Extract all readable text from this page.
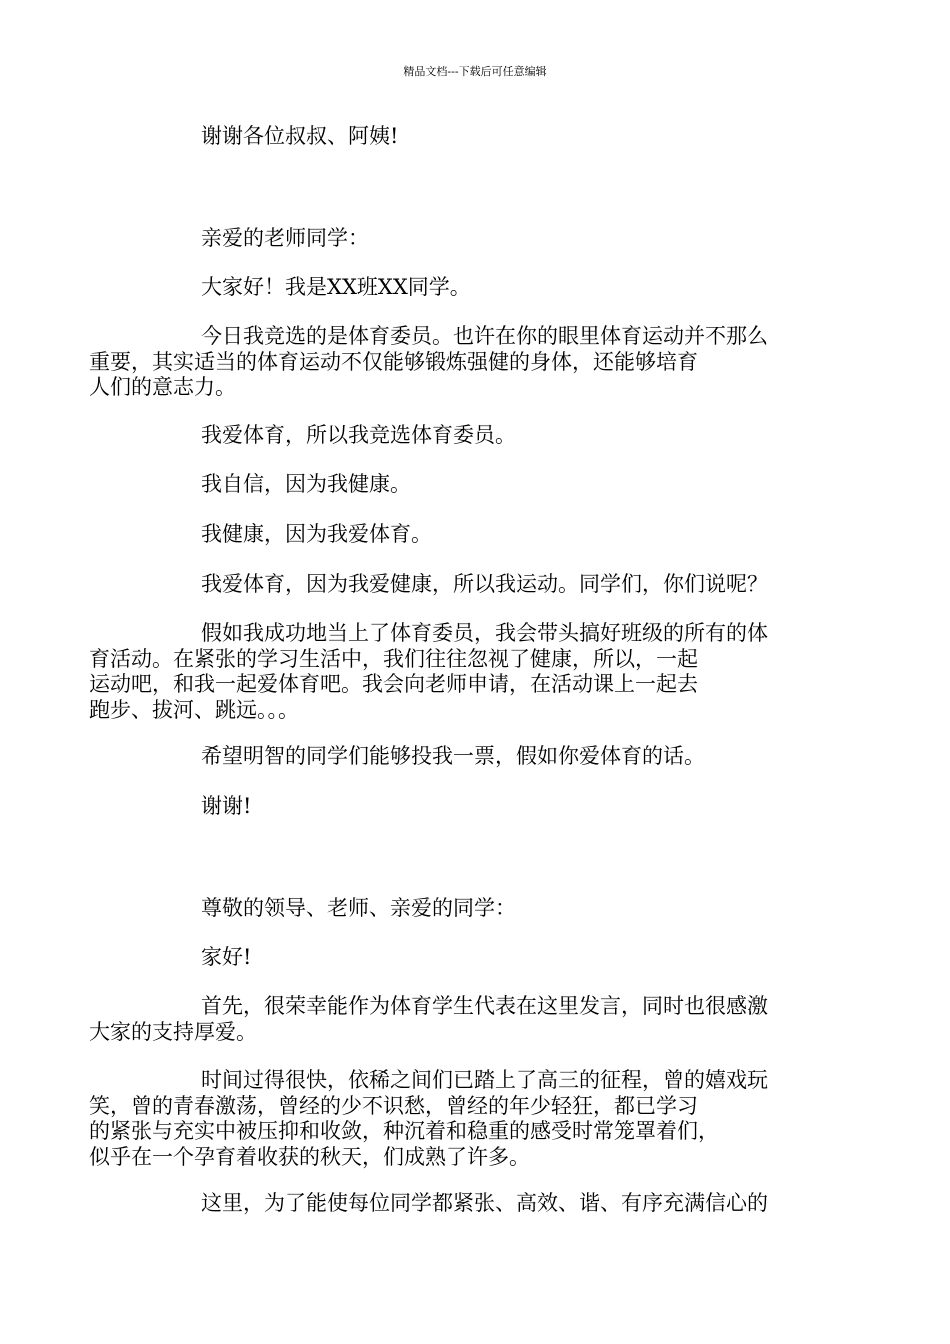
精品文档---下载后可任意编辑
谢谢各位叔叔、阿姨!
亲爱的老师同学：
大家好！我是XX班XX同学。
今日我竞选的是体育委员。也许在你的眼里体育运动并不那么
重要，其实适当的体育运动不仅能够锻炼强健的身体，还能够培育
人们的意志力。
我爱体育，所以我竞选体育委员。
我自信，因为我健康。
我健康，因为我爱体育。
我爱体育，因为我爱健康，所以我运动。同学们，你们说呢？
假如我成功地当上了体育委员，我会带头搞好班级的所有的体
育活动。在紧张的学习生活中，我们往往忽视了健康，所以，一起
运动吧，和我一起爱体育吧。我会向老师申请，在活动课上一起去
跑步、拔河、跳远。。。
希望明智的同学们能够投我一票，假如你爱体育的话。
谢谢!
尊敬的领导、老师、亲爱的同学：
家好!
首先，很荣幸能作为体育学生代表在这里发言，同时也很感激
大家的支持厚爱。
时间过得很快，依稀之间们已踏上了高三的征程，曾的嬉戏玩
笑，曾的青春激荡，曾经的少不识愁，曾经的年少轻狂，都已学习
的紧张与充实中被压抑和收敛，种沉着和稳重的感受时常笼罩着们，
似乎在一个孕育着收获的秋天，们成熟了许多。
这里，为了能使每位同学都紧张、高效、谐、有序充满信心的
